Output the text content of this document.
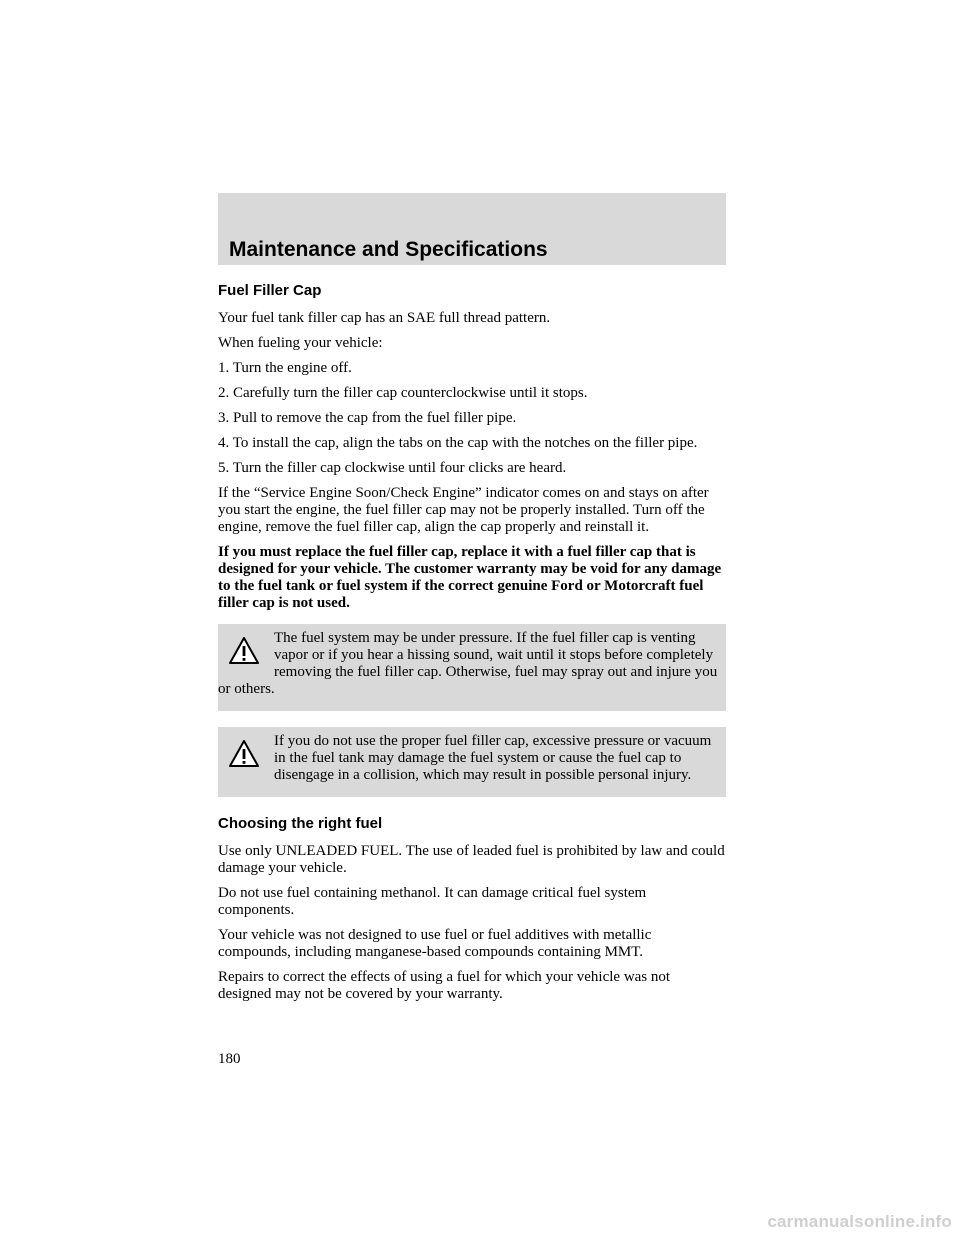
Maintenance and Specifications
Fuel Filler Cap

Your fuel tank filler cap has an SAE full thread pattern.

When fueling your vehicle:

1. Turn the engine off.

2. Carefully turn the filler cap counterclockwise until it stops.

3. Pull to remove the cap from the fuel filler pipe.

4. To install the cap, align the tabs on the cap with the notches on the filler pipe.

5. Turn the filler cap clockwise until four clicks are heard.

If the “Service Engine Soon/Check Engine” indicator comes on and stays on after you start the engine, the fuel filler cap may not be properly installed. Turn off the engine, remove the fuel filler cap, align the cap properly and reinstall it.

If you must replace the fuel filler cap, replace it with a fuel filler cap that is designed for your vehicle. The customer warranty may be void for any damage to the fuel tank or fuel system if the correct genuine Ford or Motorcraft fuel filler cap is not used.

The fuel system may be under pressure. If the fuel filler cap is venting vapor or if you hear a hissing sound, wait until it stops before completely removing the fuel filler cap. Otherwise, fuel may spray out and injure you or others.

If you do not use the proper fuel filler cap, excessive pressure or vacuum in the fuel tank may damage the fuel system or cause the fuel cap to disengage in a collision, which may result in possible personal injury.

Choosing the right fuel

Use only UNLEADED FUEL. The use of leaded fuel is prohibited by law and could damage your vehicle.

Do not use fuel containing methanol. It can damage critical fuel system components.

Your vehicle was not designed to use fuel or fuel additives with metallic compounds, including manganese-based compounds containing MMT.

Repairs to correct the effects of using a fuel for which your vehicle was not designed may not be covered by your warranty.

180
carmanualsonline.info
